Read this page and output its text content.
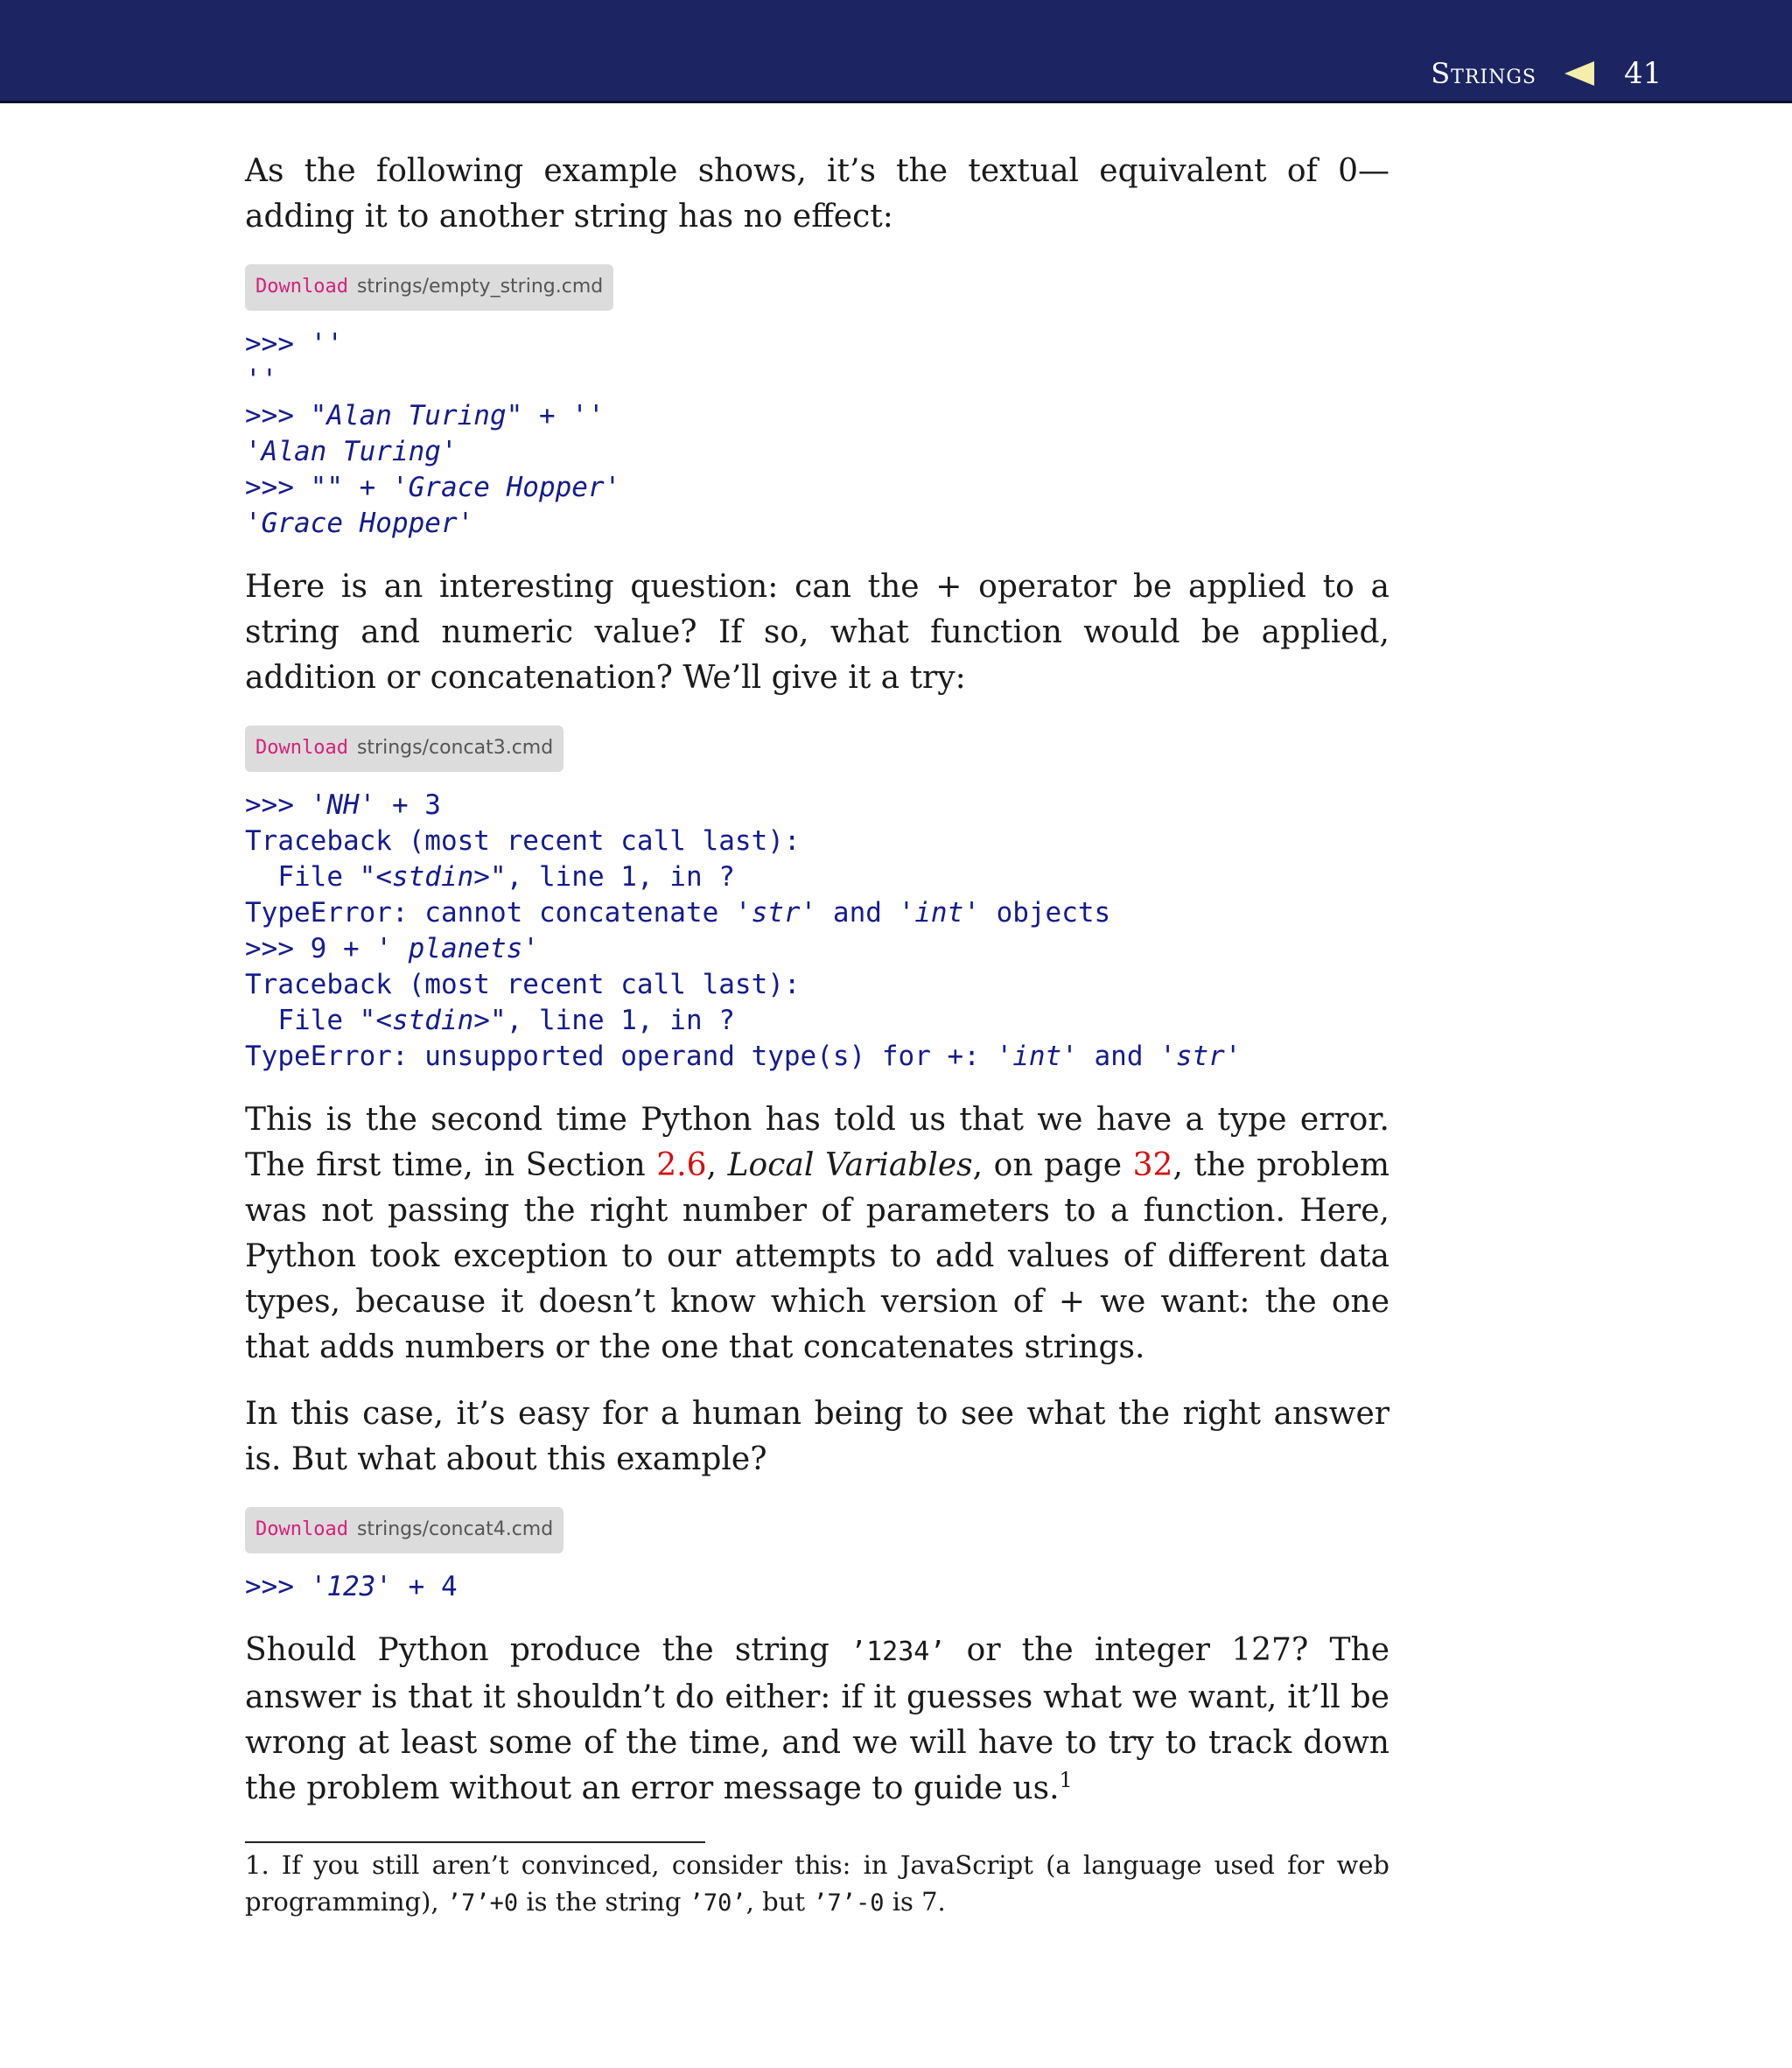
Strings	41

As the following example shows, it’s the textual equivalent of 0—adding it to another string has no effect:

Download strings/empty_string.cmd
>>> ''
''
>>> "Alan Turing" + ''
'Alan Turing'
>>> "" + 'Grace Hopper'
'Grace Hopper'

Here is an interesting question: can the + operator be applied to a string and numeric value? If so, what function would be applied, addition or concatenation? We’ll give it a try:

Download strings/concat3.cmd
>>> 'NH' + 3
Traceback (most recent call last):
File "<stdin>", line 1, in ?
TypeError: cannot concatenate 'str' and 'int' objects
>>> 9 + ' planets'
Traceback (most recent call last):
File "<stdin>", line 1, in ?
TypeError: unsupported operand type(s) for +: 'int' and 'str'

This is the second time Python has told us that we have a type error. The first time, in Section 2.6, Local Variables, on page 32, the problem was not passing the right number of parameters to a function. Here, Python took exception to our attempts to add values of different data types, because it doesn’t know which version of + we want: the one that adds numbers or the one that concatenates strings.

In this case, it’s easy for a human being to see what the right answer is. But what about this example?

Download strings/concat4.cmd
>>> '123' + 4

Should Python produce the string ’1234’ or the integer 127? The answer is that it shouldn’t do either: if it guesses what we want, it’ll be wrong at least some of the time, and we will have to try to track down the problem without an error message to guide us.$^1$

1. If you still aren’t convinced, consider this: in JavaScript (a language used for web programming), ’7’+0 is the string ’70’, but ’7’-0 is 7.
